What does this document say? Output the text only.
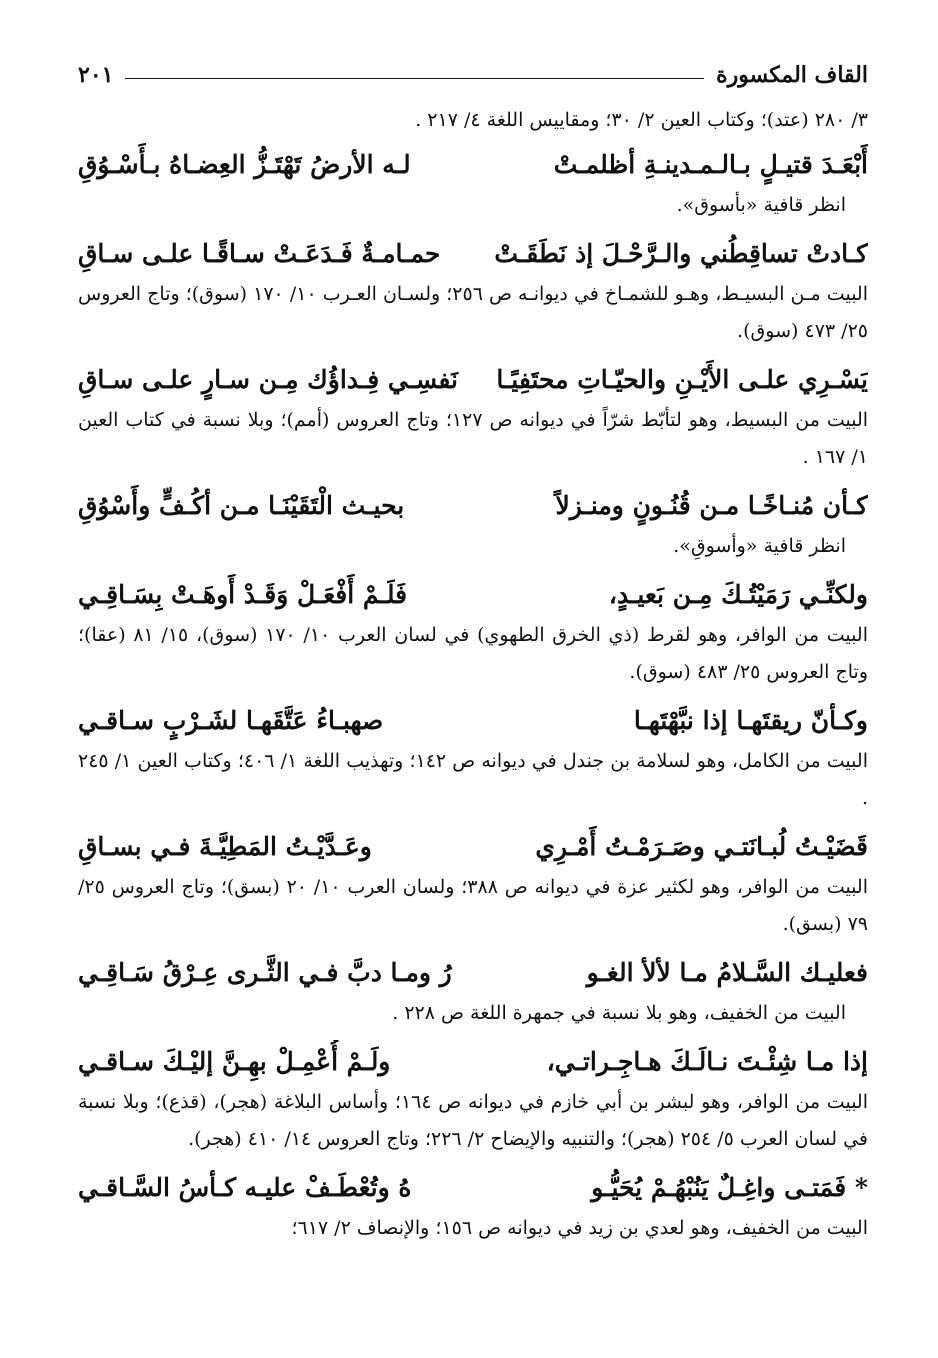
القاف المكسورة
٢٠١

٣/ ٢٨٠ (عتد)؛ وكتاب العين ٢/ ٣٠؛ ومقاييس اللغة ٤/ ٢١٧ .

أَبْعَـدَ قتيـلٍ بـالـمـدينـةِ أظلمـتْ
لـه الأرضُ تَهْتَـزُّ العِضـاهُ بـأَسْـوُقِ

انظر قافية «بأسوق».

كـادتْ تساقِطُني والـرَّحْـلَ إذ نَطَقَـتْ
حمـامـةٌ فَـدَعَـتْ سـاقًـا علـى سـاقِ

البيت مـن البسيـط، وهـو للشمـاخ في ديوانـه ص ٢٥٦؛ ولسـان العـرب ١٠/ ١٧٠ (سوق)؛ وتاج العروس ٢٥/ ٤٧٣ (سوق).

يَسْـرِي علـى الأَيْـنِ والحيّـاتِ محتَفِيًـا
نَفسِـي فِـداؤُك مِـن سـارٍ علـى سـاقِ

البيت من البسيط، وهو لتأبّط شرّاً في ديوانه ص ١٢٧؛ وتاج العروس (أمم)؛ وبلا نسبة في كتاب العين ١/ ١٦٧ .

كـأن مُنـاخًـا مـن قُنُـونٍ ومنـزلاً
بحيـث الْتَقَيْنَـا مـن أكُـفٍّ وأَسْوُقِ

انظر قافية «وأسوقِ».

ولكنِّـي رَمَيْتُـكَ مِـن بَعيـدٍ،
فَلَـمْ أَفْعَـلْ وَقَـدْ أَوهَـتْ بِسَـاقِـي

البيت من الوافر، وهو لقرط (ذي الخرق الطهوي) في لسان العرب ١٠/ ١٧٠ (سوق)، ١٥/ ٨١ (عقا)؛ وتاج العروس ٢٥/ ٤٨٣ (سوق).

وكـأنّ ريقتَهـا إذا نبَّهْتَهـا
صهبـاءُ عَتَّقَهـا لشَـرْبٍ سـاقـي

البيت من الكامل، وهو لسلامة بن جندل في ديوانه ص ١٤٢؛ وتهذيب اللغة ١/ ٤٠٦؛ وكتاب العين ١/ ٢٤٥ .

قَضَيْـتُ لُبـانَتـي وصَـرَمْـتُ أَمْـرِي
وعَـدَّيْـتُ المَطِيَّـةَ فـي بسـاقِ

البيت من الوافر، وهو لكثير عزة في ديوانه ص ٣٨٨؛ ولسان العرب ١٠/ ٢٠ (بسق)؛ وتاج العروس ٢٥/ ٧٩ (بسق).

فعليـك السَّـلامُ مـا لألأ الغـو
رُ ومـا دبَّ فـي الثَّـرى عِـرْقُ سَـاقِـي

البيت من الخفيف، وهو بلا نسبة في جمهرة اللغة ص ٢٢٨ .

إذا مـا شِئْـتَ نـالَـكَ هـاجِـراتـي،
ولَـمْ أُعْمِـلْ بهِـنَّ إليْـكَ سـاقـي

البيت من الوافر، وهو لبشر بن أبي خازم في ديوانه ص ١٦٤؛ وأساس البلاغة (هجر)، (قذع)؛ وبلا نسبة في لسان العرب ٥/ ٢٥٤ (هجر)؛ والتنبيه والإيضاح ٢/ ٢٢٦؛ وتاج العروس ١٤/ ٤١٠ (هجر).

* فَمَتـى واغِـلٌ يَنُبْهُـمْ يُحَيُّـو
هُ وتُعْطَـفْ عليـه كـأسُ السَّـاقـي

البيت من الخفيف، وهو لعدي بن زيد في ديوانه ص ١٥٦؛ والإنصاف ٢/ ٦١٧؛
